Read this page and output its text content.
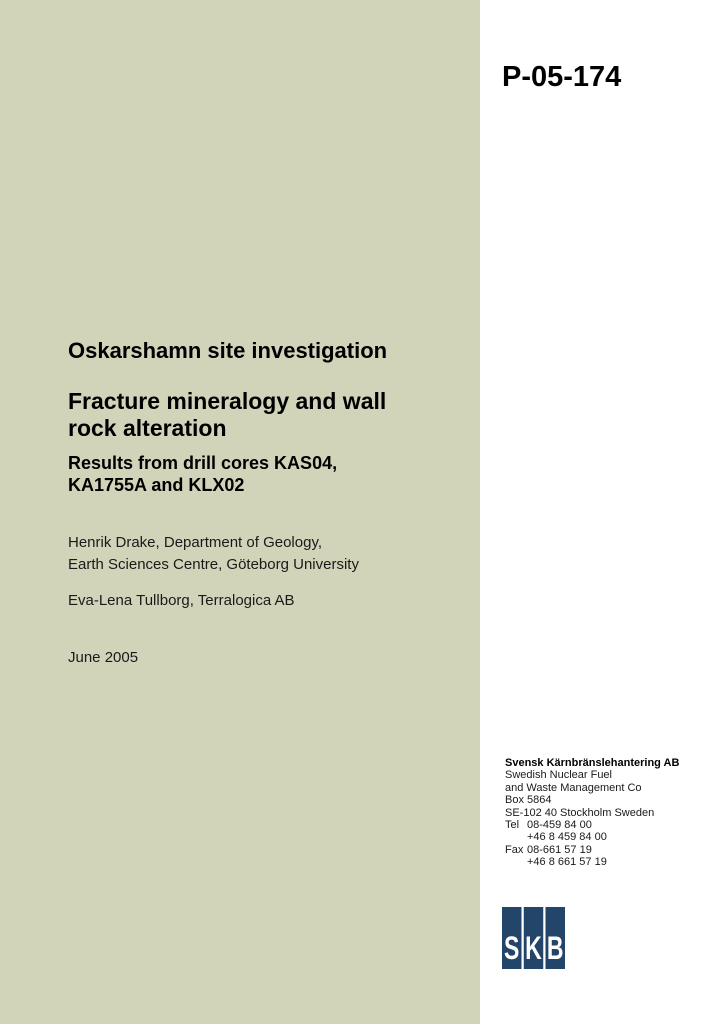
Oskarshamn site investigation
Fracture mineralogy and wall rock alteration
Results from drill cores KAS04, KA1755A and KLX02
Henrik Drake, Department of Geology,
Earth Sciences Centre, Göteborg University
Eva-Lena Tullborg, Terralogica AB
June 2005
P-05-174
Svensk Kärnbränslehantering AB
Swedish Nuclear Fuel
and Waste Management Co
Box 5864
SE-102 40 Stockholm Sweden
Tel 08-459 84 00
+46 8 459 84 00
Fax 08-661 57 19
+46 8 661 57 19
S K B
